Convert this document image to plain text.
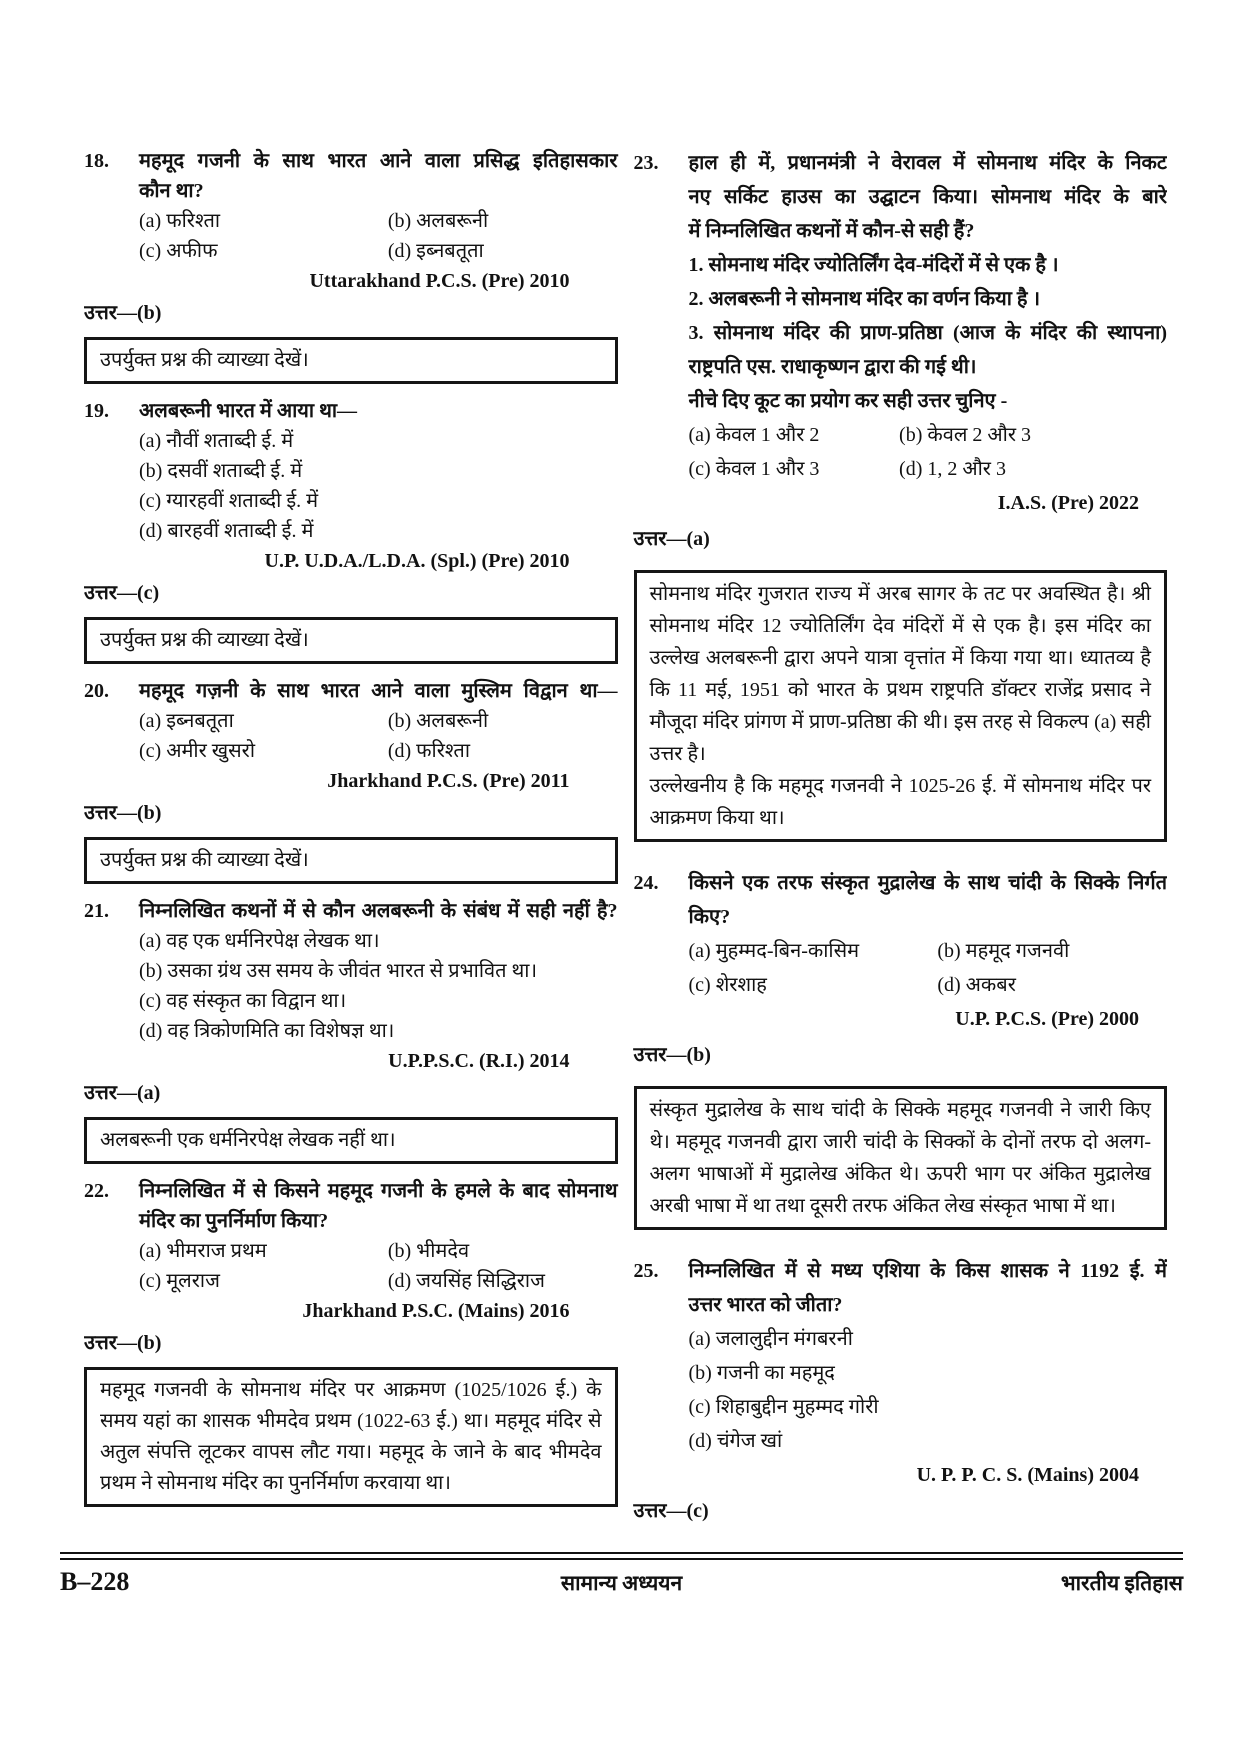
18.	महमूद गजनी के साथ भारत आने वाला प्रसिद्ध इतिहासकार
कौन था?
(a) फरिश्ता	(b) अलबरूनी
(c) अफीफ	(d) इब्नबतूता
Uttarakhand P.C.S. (Pre) 2010
उत्तर—(b)
उपर्युक्त प्रश्न की व्याख्या देखें।
19.	अलबरूनी भारत में आया था—
(a) नौवीं शताब्दी ई. में
(b) दसवीं शताब्दी ई. में
(c) ग्यारहवीं शताब्दी ई. में
(d) बारहवीं शताब्दी ई. में
U.P. U.D.A./L.D.A. (Spl.) (Pre) 2010
उत्तर—(c)
उपर्युक्त प्रश्न की व्याख्या देखें।
20.	महमूद गज़नी के साथ भारत आने वाला मुस्लिम विद्वान था—
(a) इब्नबतूता	(b) अलबरूनी
(c) अमीर खुसरो	(d) फरिश्ता
Jharkhand P.C.S. (Pre) 2011
उत्तर—(b)
उपर्युक्त प्रश्न की व्याख्या देखें।
21.	निम्नलिखित कथनों में से कौन अलबरूनी के संबंध में सही नहीं है?
(a) वह एक धर्मनिरपेक्ष लेखक था।
(b) उसका ग्रंथ उस समय के जीवंत भारत से प्रभावित था।
(c) वह संस्कृत का विद्वान था।
(d) वह त्रिकोणमिति का विशेषज्ञ था।
U.P.P.S.C. (R.I.) 2014
उत्तर—(a)
अलबरूनी एक धर्मनिरपेक्ष लेखक नहीं था।
22.	निम्नलिखित में से किसने महमूद गजनी के हमले के बाद सोमनाथ
मंदिर का पुनर्निर्माण किया?
(a) भीमराज प्रथम	(b) भीमदेव
(c) मूलराज	(d) जयसिंह सिद्धिराज
Jharkhand P.S.C. (Mains) 2016
उत्तर—(b)
महमूद गजनवी के सोमनाथ मंदिर पर आक्रमण (1025/1026 ई.) के समय यहां का शासक भीमदेव प्रथम (1022-63 ई.) था। महमूद मंदिर से अतुल संपत्ति लूटकर वापस लौट गया। महमूद के जाने के बाद भीमदेव प्रथम ने सोमनाथ मंदिर का पुनर्निर्माण करवाया था।
23.	हाल ही में, प्रधानमंत्री ने वेरावल में सोमनाथ मंदिर के निकट
नए सर्किट हाउस का उद्घाटन किया। सोमनाथ मंदिर के बारे
में निम्नलिखित कथनों में कौन-से सही हैं?
1. सोमनाथ मंदिर ज्योतिर्लिंग देव-मंदिरों में से एक है ।
2. अलबरूनी ने सोमनाथ मंदिर का वर्णन किया है ।
3. सोमनाथ मंदिर की प्राण-प्रतिष्ठा (आज के मंदिर की स्थापना) राष्ट्रपति एस. राधाकृष्णन द्वारा की गई थी।
नीचे दिए कूट का प्रयोग कर सही उत्तर चुनिए -
(a) केवल 1 और 2	(b) केवल 2 और 3
(c) केवल 1 और 3	(d) 1, 2 और 3
I.A.S. (Pre) 2022
उत्तर—(a)
सोमनाथ मंदिर गुजरात राज्य में अरब सागर के तट पर अवस्थित है। श्री सोमनाथ मंदिर 12 ज्योतिर्लिंग देव मंदिरों में से एक है। इस मंदिर का उल्लेख अलबरूनी द्वारा अपने यात्रा वृत्तांत में किया गया था। ध्यातव्य है कि 11 मई, 1951 को भारत के प्रथम राष्ट्रपति डॉक्टर राजेंद्र प्रसाद ने मौजूदा मंदिर प्रांगण में प्राण-प्रतिष्ठा की थी। इस तरह से विकल्प (a) सही उत्तर है।
उल्लेखनीय है कि महमूद गजनवी ने 1025-26 ई. में सोमनाथ मंदिर पर आक्रमण किया था।
24.	किसने एक तरफ संस्कृत मुद्रालेख के साथ चांदी के सिक्के निर्गत
किए?
(a) मुहम्मद-बिन-कासिम	(b) महमूद गजनवी
(c) शेरशाह	(d) अकबर
U.P. P.C.S. (Pre) 2000
उत्तर—(b)
संस्कृत मुद्रालेख के साथ चांदी के सिक्के महमूद गजनवी ने जारी किए थे। महमूद गजनवी द्वारा जारी चांदी के सिक्कों के दोनों तरफ दो अलग-अलग भाषाओं में मुद्रालेख अंकित थे। ऊपरी भाग पर अंकित मुद्रालेख अरबी भाषा में था तथा दूसरी तरफ अंकित लेख संस्कृत भाषा में था।
25.	निम्नलिखित में से मध्य एशिया के किस शासक ने 1192 ई. में
उत्तर भारत को जीता?
(a) जलालुद्दीन मंगबरनी
(b) गजनी का महमूद
(c) शिहाबुद्दीन मुहम्मद गोरी
(d) चंगेज खां
U. P. P. C. S. (Mains) 2004
उत्तर—(c)
B–228	सामान्य अध्ययन	भारतीय इतिहास
